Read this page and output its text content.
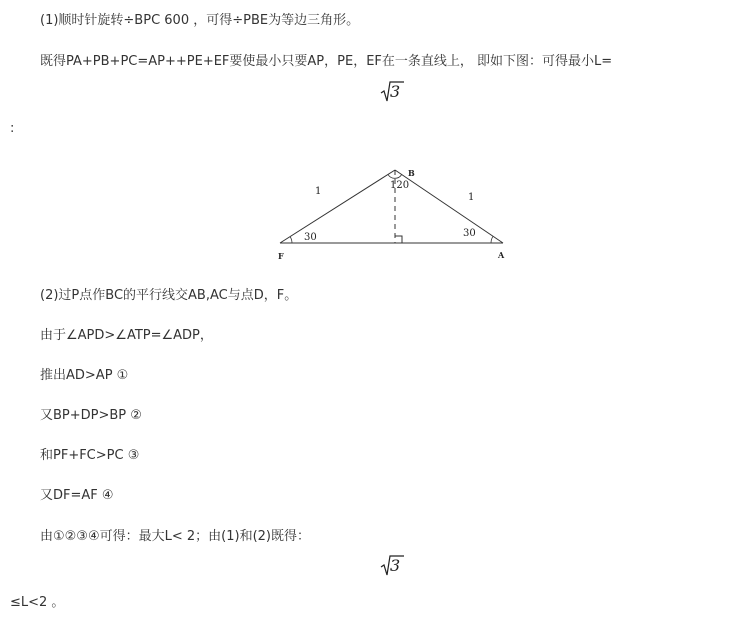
(1)顺时针旋转÷BPC 600 ，可得÷PBE为等边三角形。
既得PA+PB+PC=AP++PE+EF要使最小只要AP，PE，EF在一条直线上， 即如下图：可得最小L=
3
:
1
1
120
30	30
B
F	A
(2)过P点作BC的平行线交AB,AC与点D，F。
由于∠APD>∠ATP=∠ADP，
推出AD>AP ①
又BP+DP>BP ②
和PF+FC>PC ③
又DF=AF ④
由①②③④可得：最大L< 2；由(1)和(2)既得：
3
≤L<2 。
